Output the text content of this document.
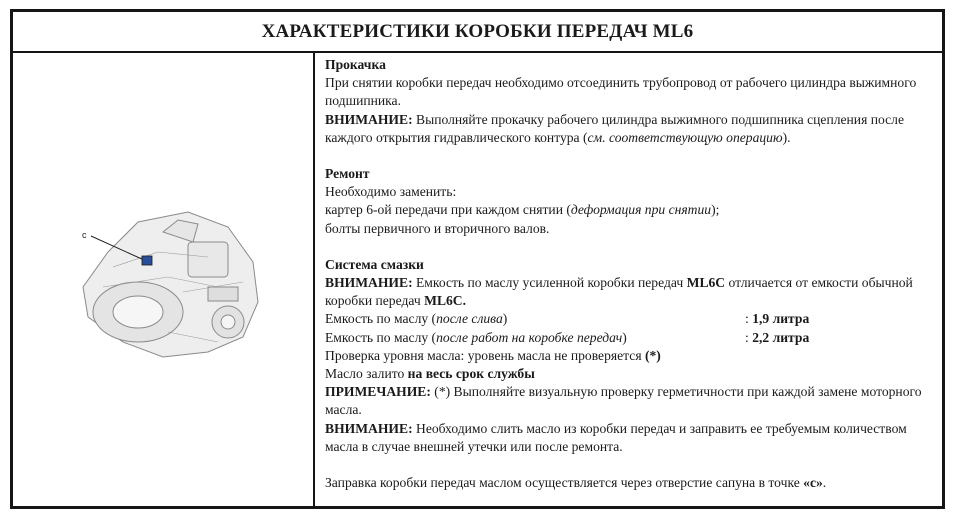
ХАРАКТЕРИСТИКИ КОРОБКИ ПЕРЕДАЧ ML6
c

Прокачка

При снятии коробки передач необходимо отсоединить трубопровод от рабочего цилиндра выжимного подшипника.

ВНИМАНИЕ: Выполняйте прокачку рабочего цилиндра выжимного подшипника сцепления после каждого открытия гидравлического контура (см. соответствующую операцию).

Ремонт

Необходимо заменить:

картер 6-ой передачи при каждом снятии (деформация при снятии);

болты первичного и вторичного валов.

Система смазки

ВНИМАНИЕ: Емкость по маслу усиленной коробки передач ML6C отличается от емкости обычной коробки передач ML6C.

Емкость по маслу (после слива)	: 1,9 литра

Емкость по маслу (после работ на коробке передач)	: 2,2 литра

Проверка уровня масла: уровень масла не проверяется (*)

Масло залито на весь срок службы

ПРИМЕЧАНИЕ: (*) Выполняйте визуальную проверку герметичности при каждой замене моторного масла.

ВНИМАНИЕ: Необходимо слить масло из коробки передач и заправить ее требуемым количеством масла в случае внешней утечки или после ремонта.

Заправка коробки передач маслом осуществляется через отверстие сапуна в точке «c».
